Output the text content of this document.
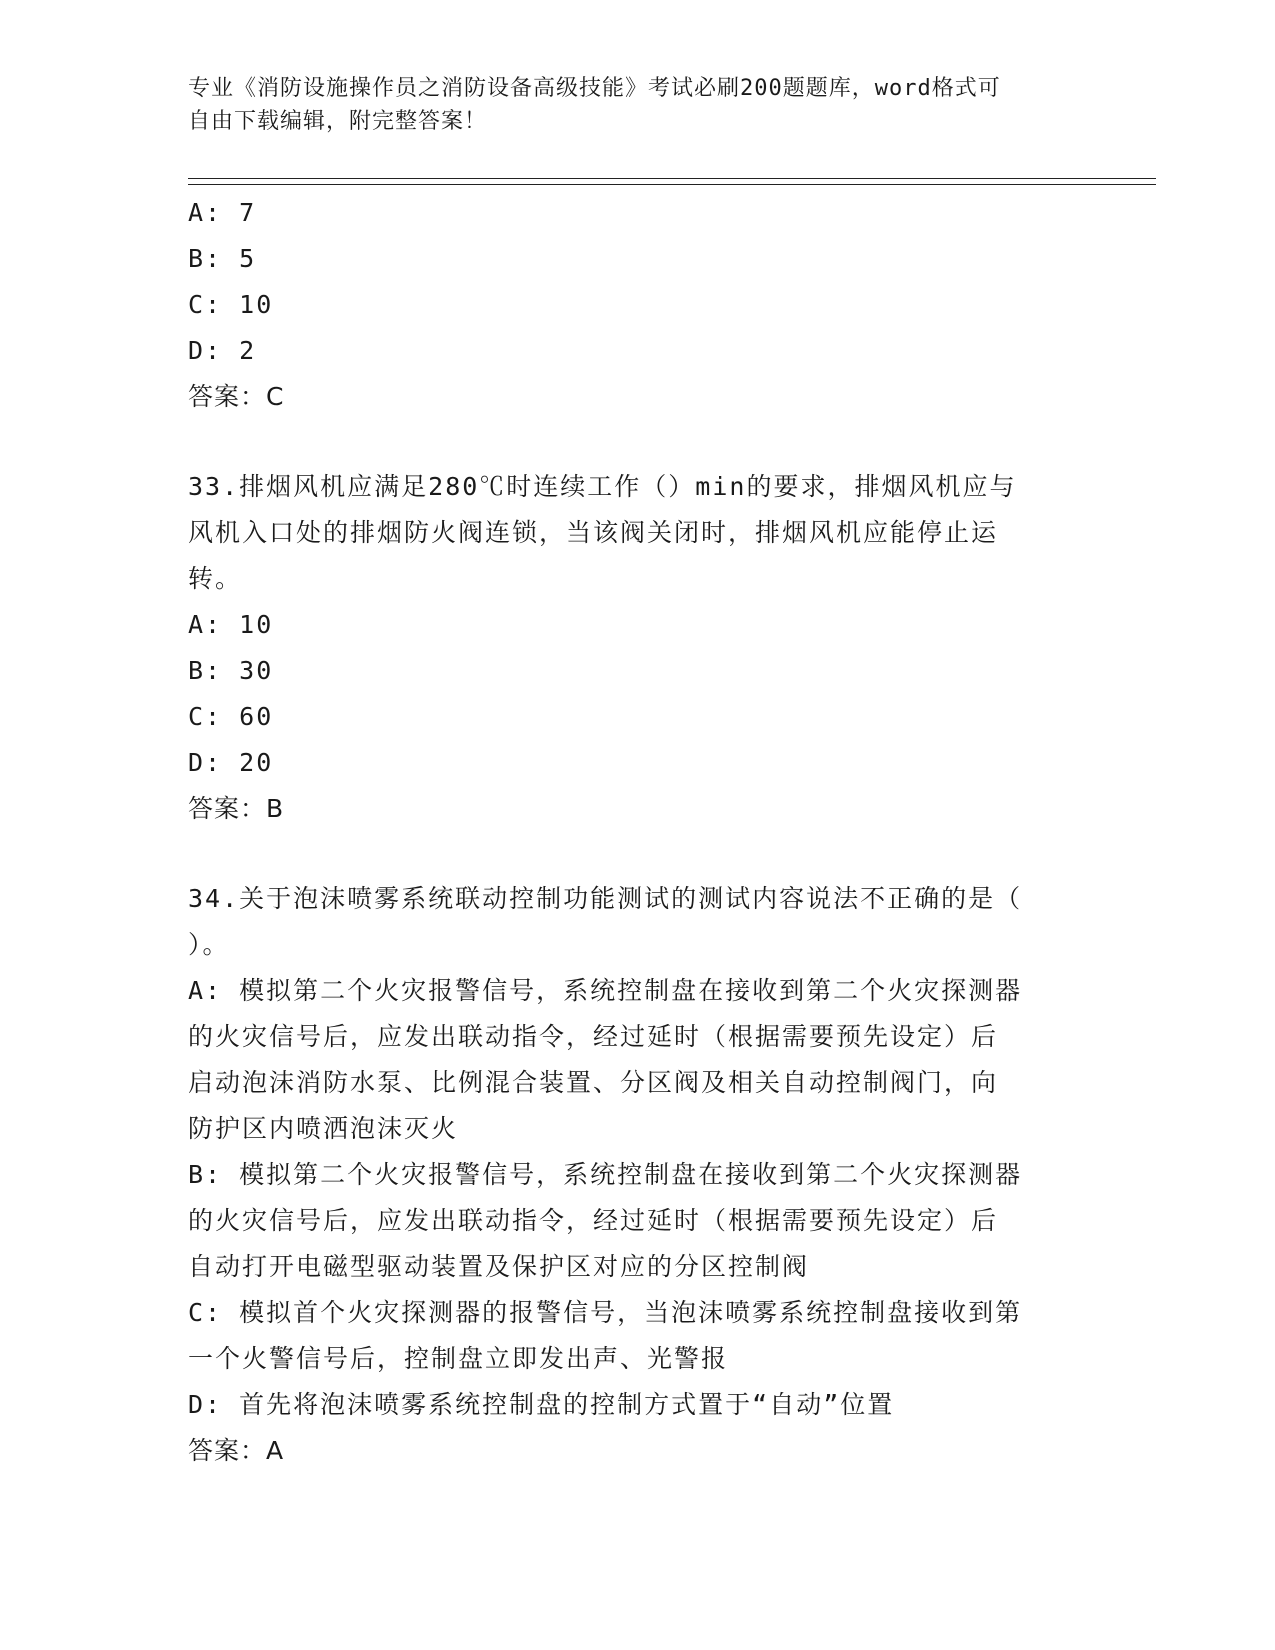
专业《消防设施操作员之消防设备高级技能》考试必刷200题题库，word格式可
自由下载编辑，附完整答案！
A: 7
B: 5
C: 10
D: 2
答案：C
33.排烟风机应满足280℃时连续工作（）min的要求，排烟风机应与
风机入口处的排烟防火阀连锁，当该阀关闭时，排烟风机应能停止运
转。
A: 10
B: 30
C: 60
D: 20
答案：B
34.关于泡沫喷雾系统联动控制功能测试的测试内容说法不正确的是（
）。
A: 模拟第二个火灾报警信号，系统控制盘在接收到第二个火灾探测器
的火灾信号后，应发出联动指令，经过延时（根据需要预先设定）后
启动泡沫消防水泵、比例混合装置、分区阀及相关自动控制阀门，向
防护区内喷洒泡沫灭火
B: 模拟第二个火灾报警信号，系统控制盘在接收到第二个火灾探测器
的火灾信号后，应发出联动指令，经过延时（根据需要预先设定）后
自动打开电磁型驱动装置及保护区对应的分区控制阀
C: 模拟首个火灾探测器的报警信号，当泡沫喷雾系统控制盘接收到第
一个火警信号后，控制盘立即发出声、光警报
D: 首先将泡沫喷雾系统控制盘的控制方式置于“自动”位置
答案：A
